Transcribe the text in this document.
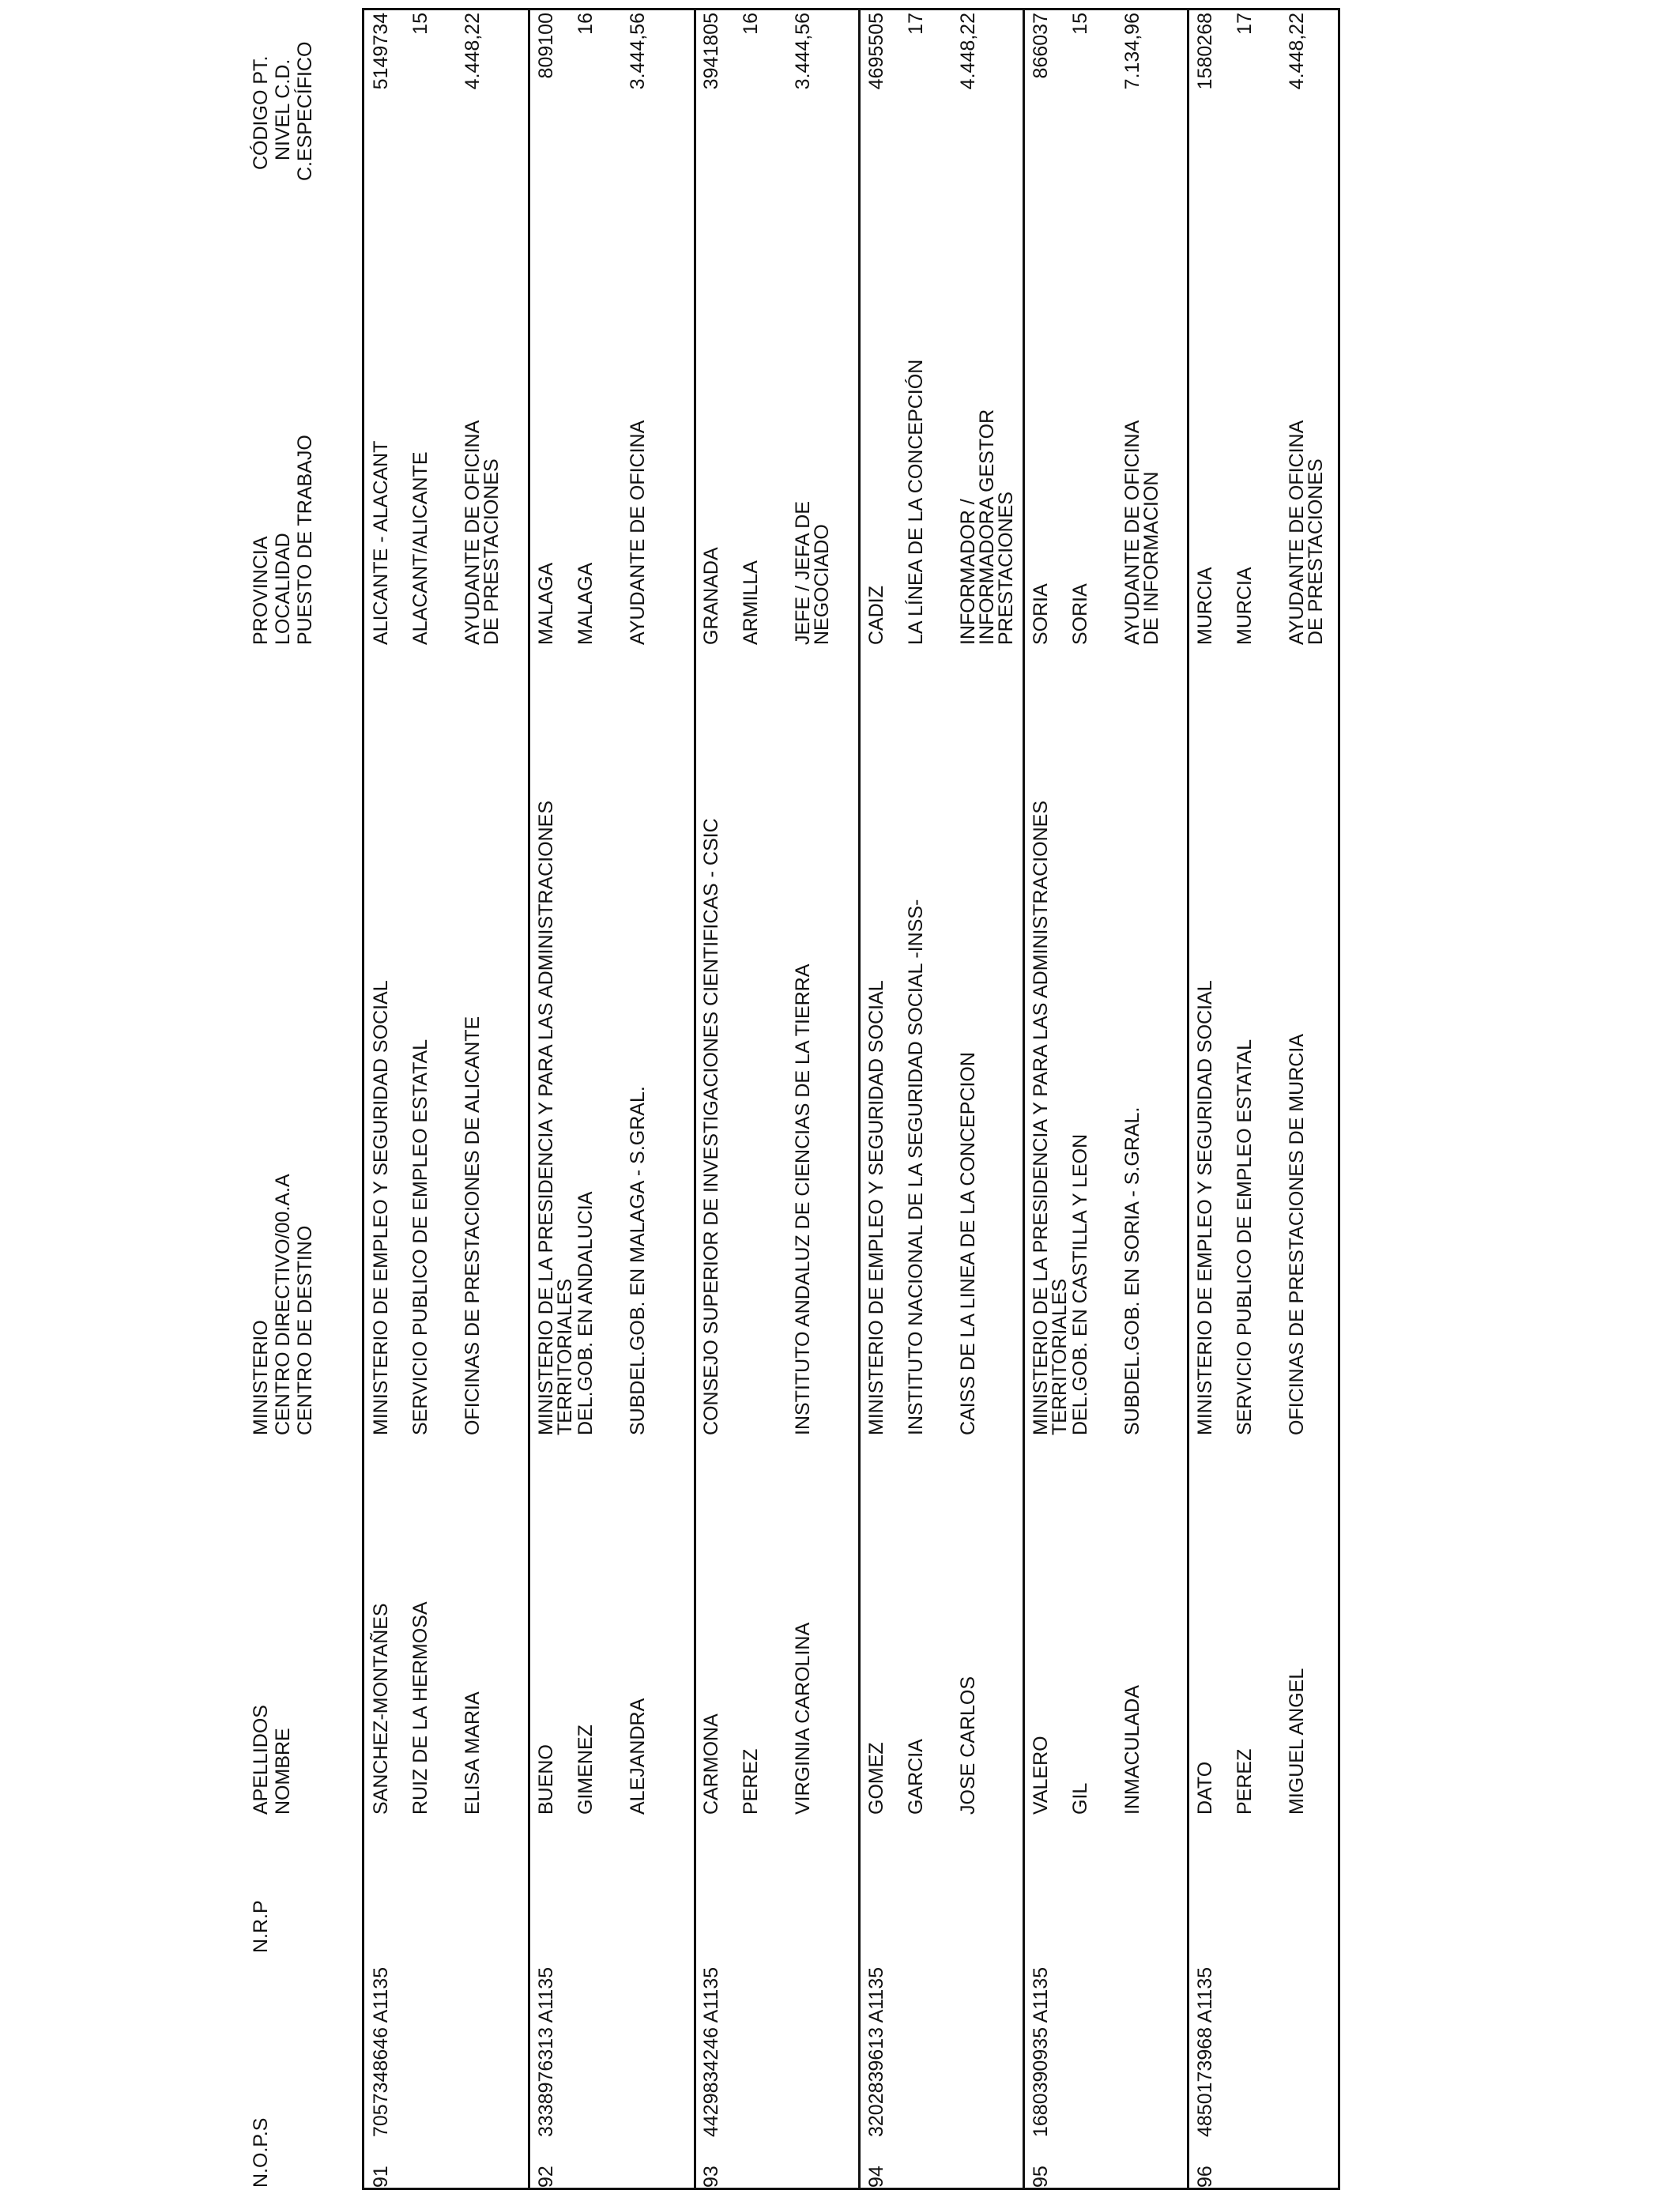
N.O.P.S
N.R.P
APELLIDOS NOMBRE
MINISTERIO CENTRO DIRECTIVO/00.A.A CENTRO DE DESTINO
PROVINCIA LOCALIDAD PUESTO DE TRABAJO
CÓDIGO PT. NIVEL C.D. C.ESPECÍFICO
91
7057348646 A1135
SANCHEZ-MONTAÑES RUIZ DE LA HERMOSA ELISA MARIA
MINISTERIO DE EMPLEO Y SEGURIDAD SOCIAL SERVICIO PUBLICO DE EMPLEO ESTATAL OFICINAS DE PRESTACIONES DE ALICANTE
ALICANTE - ALACANT ALACANT/ALICANTE AYUDANTE DE OFICINA DE PRESTACIONES
5149734 15 4.448,22
92
3338976313 A1135
BUENO GIMENEZ ALEJANDRA
MINISTERIO DE LA PRESIDENCIA Y PARA LAS ADMINISTRACIONES TERRITORIALES
DEL.GOB. EN ANDALUCIA SUBDEL.GOB. EN MALAGA - S.GRAL.
MALAGA MALAGA AYUDANTE DE OFICINA
809100 16 3.444,56
93
4429834246 A1135
CARMONA PEREZ VIRGINIA CAROLINA
CONSEJO SUPERIOR DE INVESTIGACIONES CIENTIFICAS - CSIC	INSTITUTO ANDALUZ DE CIENCIAS DE LA TIERRA
GRANADA ARMILLA JEFE / JEFA DE NEGOCIADO
3941805 16 3.444,56
94
3202839613 A1135
GOMEZ GARCIA JOSE CARLOS
MINISTERIO DE EMPLEO Y SEGURIDAD SOCIAL INSTITUTO NACIONAL DE LA SEGURIDAD SOCIAL -INSS- CAISS DE LA LINEA DE LA CONCEPCION
CADIZ LA LÍNEA DE LA CONCEPCIÓN INFORMADOR / INFORMADORA GESTOR PRESTACIONES
4695505 17 4.448,22
95
1680390935 A1135
VALERO GIL INMACULADA
MINISTERIO DE LA PRESIDENCIA Y PARA LAS ADMINISTRACIONES TERRITORIALES
DEL.GOB. EN CASTILLA Y LEON SUBDEL.GOB. EN SORIA - S.GRAL.
SORIA SORIA AYUDANTE DE OFICINA DE INFORMACION
866037 15 7.134,96
96
4850173968 A1135
DATO PEREZ MIGUEL ANGEL
MINISTERIO DE EMPLEO Y SEGURIDAD SOCIAL SERVICIO PUBLICO DE EMPLEO ESTATAL OFICINAS DE PRESTACIONES DE MURCIA
MURCIA MURCIA AYUDANTE DE OFICINA DE PRESTACIONES
1580268 17 4.448,22
